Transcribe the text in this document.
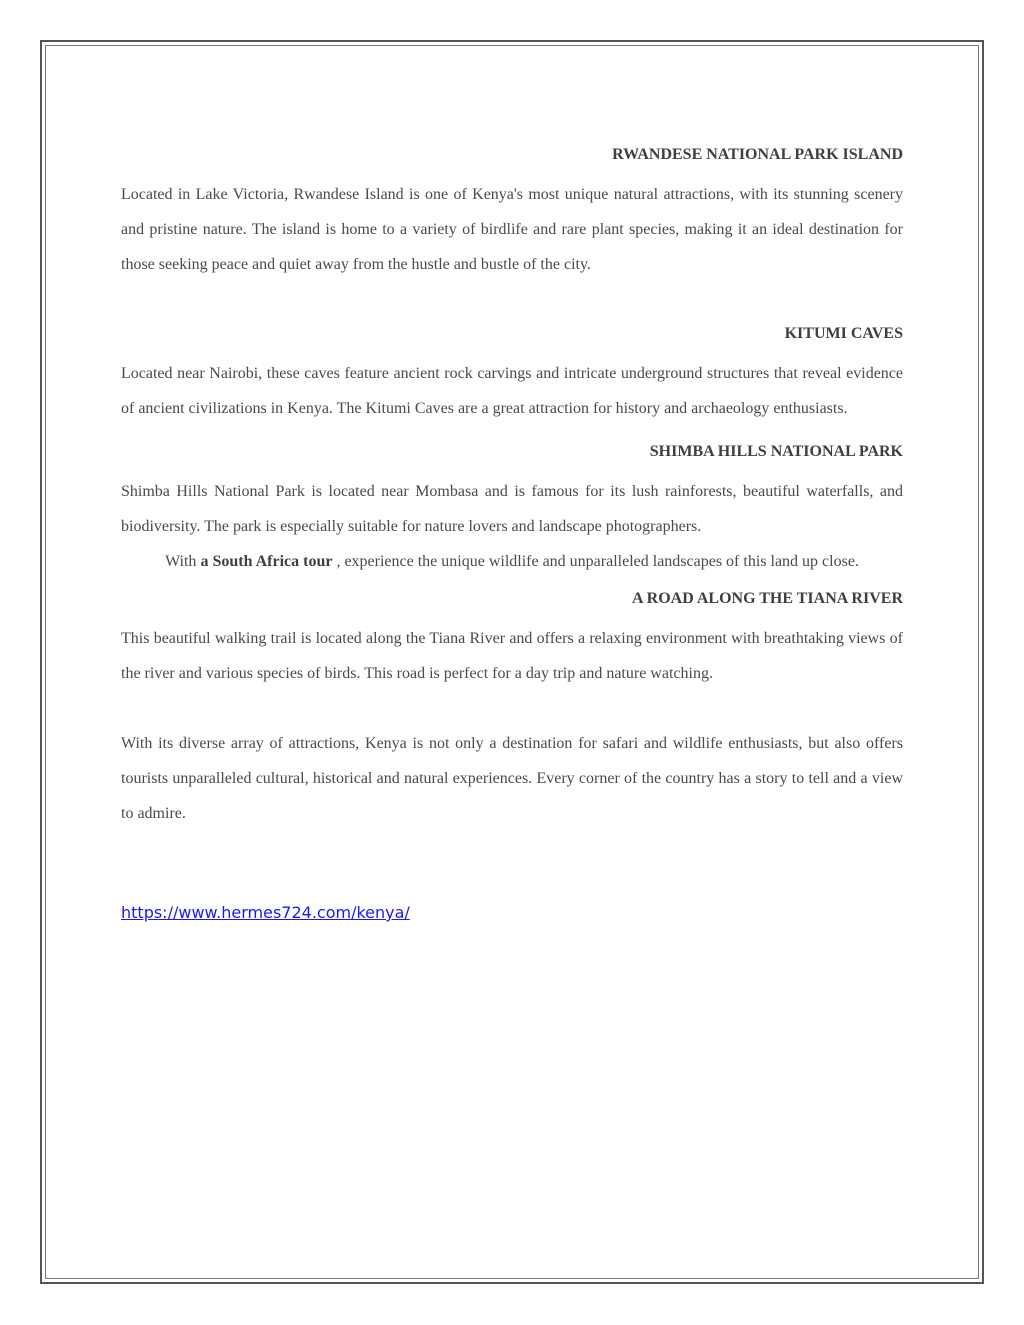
RWANDESE NATIONAL PARK ISLAND

Located in Lake Victoria, Rwandese Island is one of Kenya's most unique natural attractions, with its stunning scenery and pristine nature. The island is home to a variety of birdlife and rare plant species, making it an ideal destination for those seeking peace and quiet away from the hustle and bustle of the city.

KITUMI CAVES

Located near Nairobi, these caves feature ancient rock carvings and intricate underground structures that reveal evidence of ancient civilizations in Kenya. The Kitumi Caves are a great attraction for history and archaeology enthusiasts.

SHIMBA HILLS NATIONAL PARK

Shimba Hills National Park is located near Mombasa and is famous for its lush rainforests, beautiful waterfalls, and biodiversity. The park is especially suitable for nature lovers and landscape photographers.

With a South Africa tour , experience the unique wildlife and unparalleled landscapes of this land up close.

A ROAD ALONG THE TIANA RIVER

This beautiful walking trail is located along the Tiana River and offers a relaxing environment with breathtaking views of the river and various species of birds. This road is perfect for a day trip and nature watching.

With its diverse array of attractions, Kenya is not only a destination for safari and wildlife enthusiasts, but also offers tourists unparalleled cultural, historical and natural experiences. Every corner of the country has a story to tell and a view to admire.

https://www.hermes724.com/kenya/
